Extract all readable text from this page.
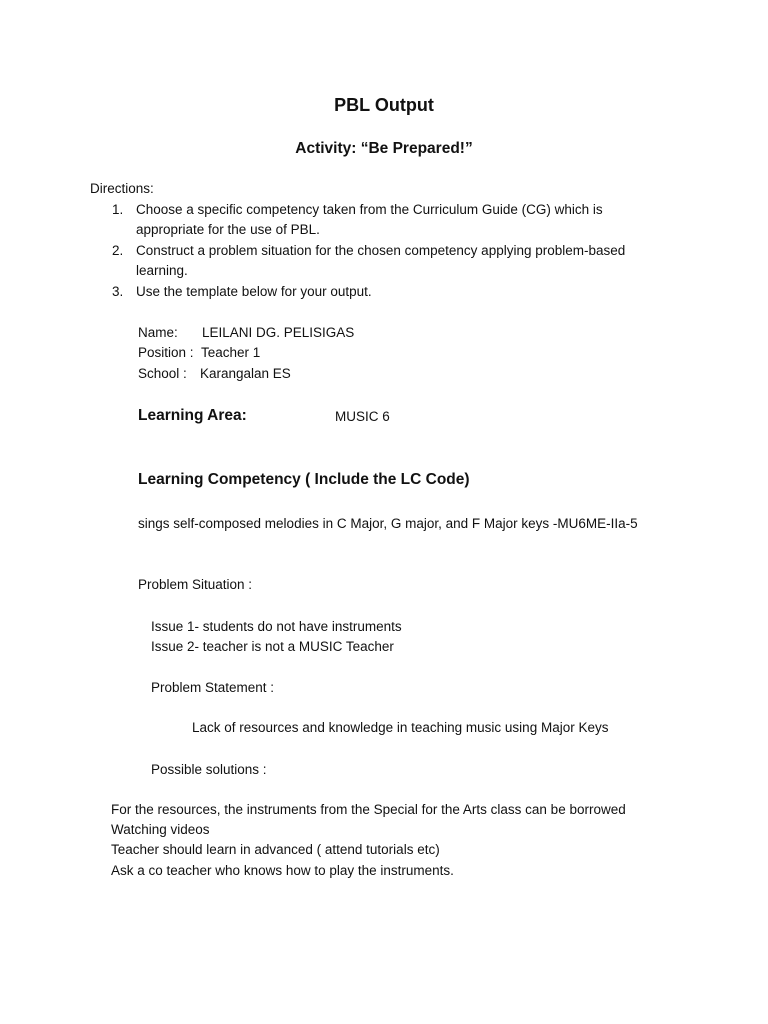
PBL Output
Activity: “Be Prepared!”
Directions:
1. Choose a specific competency taken from the Curriculum Guide (CG) which is
appropriate for the use of PBL.
2. Construct a problem situation for the chosen competency applying problem-based
learning.
3. Use the template below for your output.
Name: LEILANI DG. PELISIGAS
Position : Teacher 1
School : Karangalan ES
Learning Area:	MUSIC 6
Learning Competency ( Include the LC Code)
sings self-composed melodies in C Major, G major, and F Major keys -MU6ME-IIa-5
Problem Situation :
Issue 1- students do not have instruments
Issue 2- teacher is not a MUSIC Teacher
Problem Statement :
Lack of resources and knowledge in teaching music using Major Keys
Possible solutions :
For the resources, the instruments from the Special for the Arts class can be borrowed
Watching videos
Teacher should learn in advanced ( attend tutorials etc)
Ask a co teacher who knows how to play the instruments.
